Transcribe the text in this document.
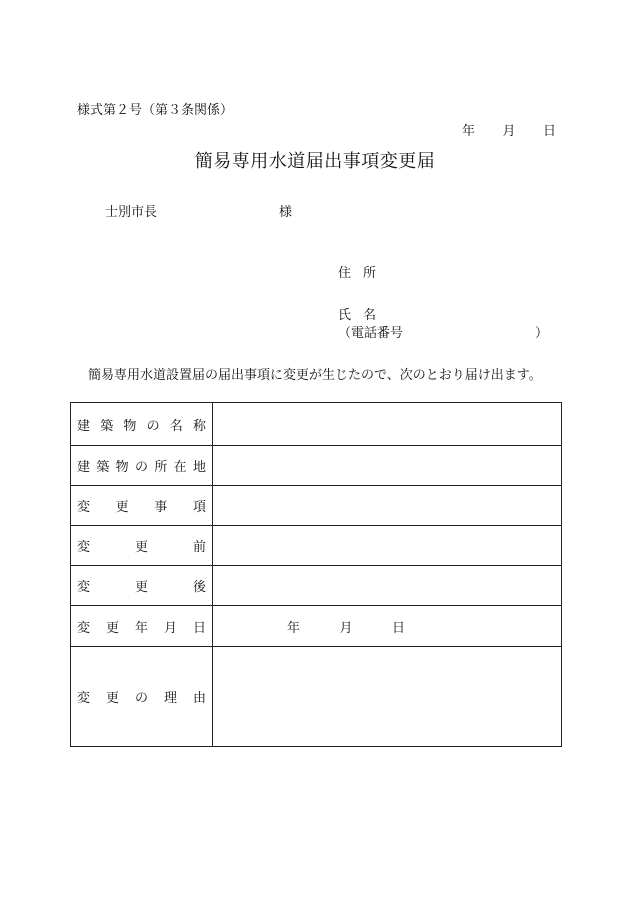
様式第２号（第３条関係）
年 月 日
簡易専用水道届出事項変更届
士別市長	様
住 所
氏 名
（電話番号	）
簡易専用水道設置届の届出事項に変更が生じたので、次のとおり届け出ます。
建 築 物 の 名 称
建 築 物 の 所 在 地
変 更 事 項
変	更	前
変	更	後
変 更 年 月 日	年	月	日
変 更 の 理 由
